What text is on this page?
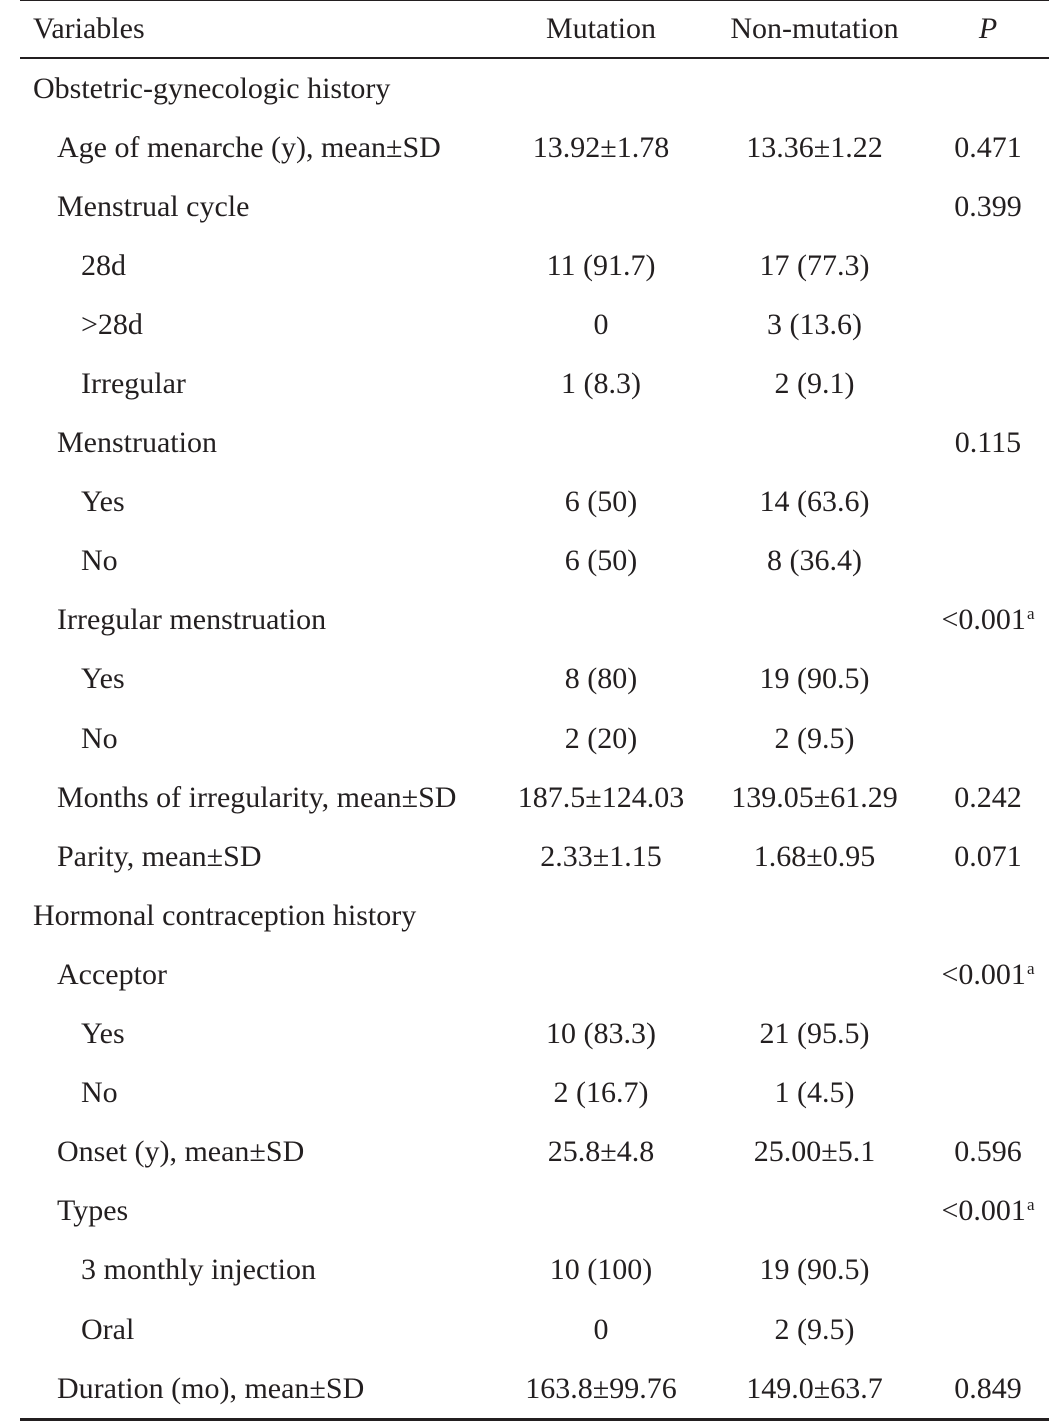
Variables	Mutation	Non-mutation	P
Obstetric-gynecologic history			
Age of menarche (y), mean±SD	13.92±1.78	13.36±1.22	0.471
Menstrual cycle			0.399
28d	11 (91.7)	17 (77.3)	
>28d	0	3 (13.6)	
Irregular	1 (8.3)	2 (9.1)	
Menstruation			0.115
Yes	6 (50)	14 (63.6)	
No	6 (50)	8 (36.4)	
Irregular menstruation			<0.001$^a$
Yes	8 (80)	19 (90.5)	
No	2 (20)	2 (9.5)	
Months of irregularity, mean±SD	187.5±124.03	139.05±61.29	0.242
Parity, mean±SD	2.33±1.15	1.68±0.95	0.071
Hormonal contraception history			
Acceptor			<0.001$^a$
Yes	10 (83.3)	21 (95.5)	
No	2 (16.7)	1 (4.5)	
Onset (y), mean±SD	25.8±4.8	25.00±5.1	0.596
Types			<0.001$^a$
3 monthly injection	10 (100)	19 (90.5)	
Oral	0	2 (9.5)	
Duration (mo), mean±SD	163.8±99.76	149.0±63.7	0.849
